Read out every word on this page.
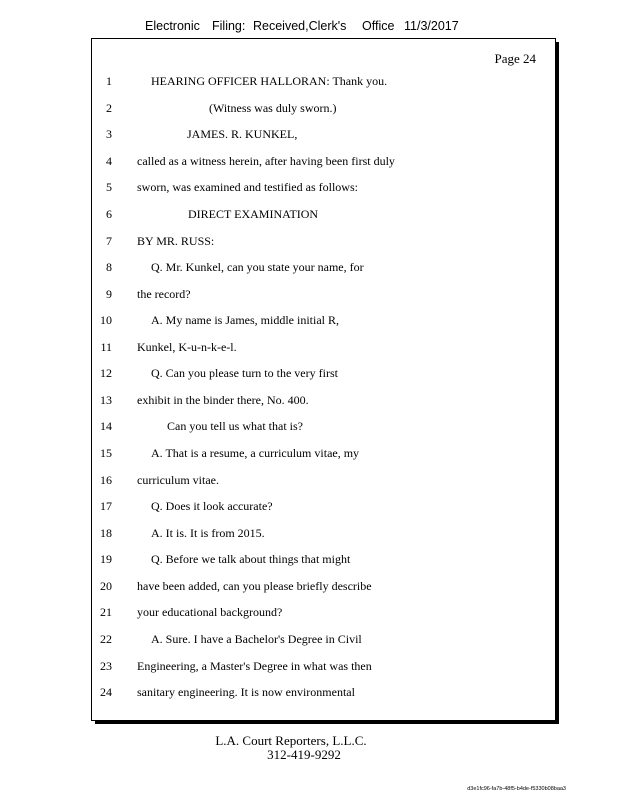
Electronic Filing: Received,Clerk's Office 11/3/2017
Page 24
1	HEARING OFFICER HALLORAN: Thank you.
2	(Witness was duly sworn.)
3	JAMES. R. KUNKEL,
4 called as a witness herein, after having been first duly
5 sworn, was examined and testified as follows:
6	DIRECT EXAMINATION
7 BY MR. RUSS:
8	Q. Mr. Kunkel, can you state your name, for
9 the record?
10	A. My name is James, middle initial R,
11 Kunkel, K-u-n-k-e-l.
12	Q. Can you please turn to the very first
13 exhibit in the binder there, No. 400.
14	Can you tell us what that is?
15	A. That is a resume, a curriculum vitae, my
16 curriculum vitae.
17	Q. Does it look accurate?
18	A. It is. It is from 2015.
19	Q. Before we talk about things that might
20 have been added, can you please briefly describe
21 your educational background?
22	A. Sure. I have a Bachelor's Degree in Civil
23 Engineering, a Master's Degree in what was then
24 sanitary engineering. It is now environmental
L.A. Court Reporters, L.L.C.
312-419-9292
d3e1fc96-fa7b-48f5-b4de-f5330b08baa3
